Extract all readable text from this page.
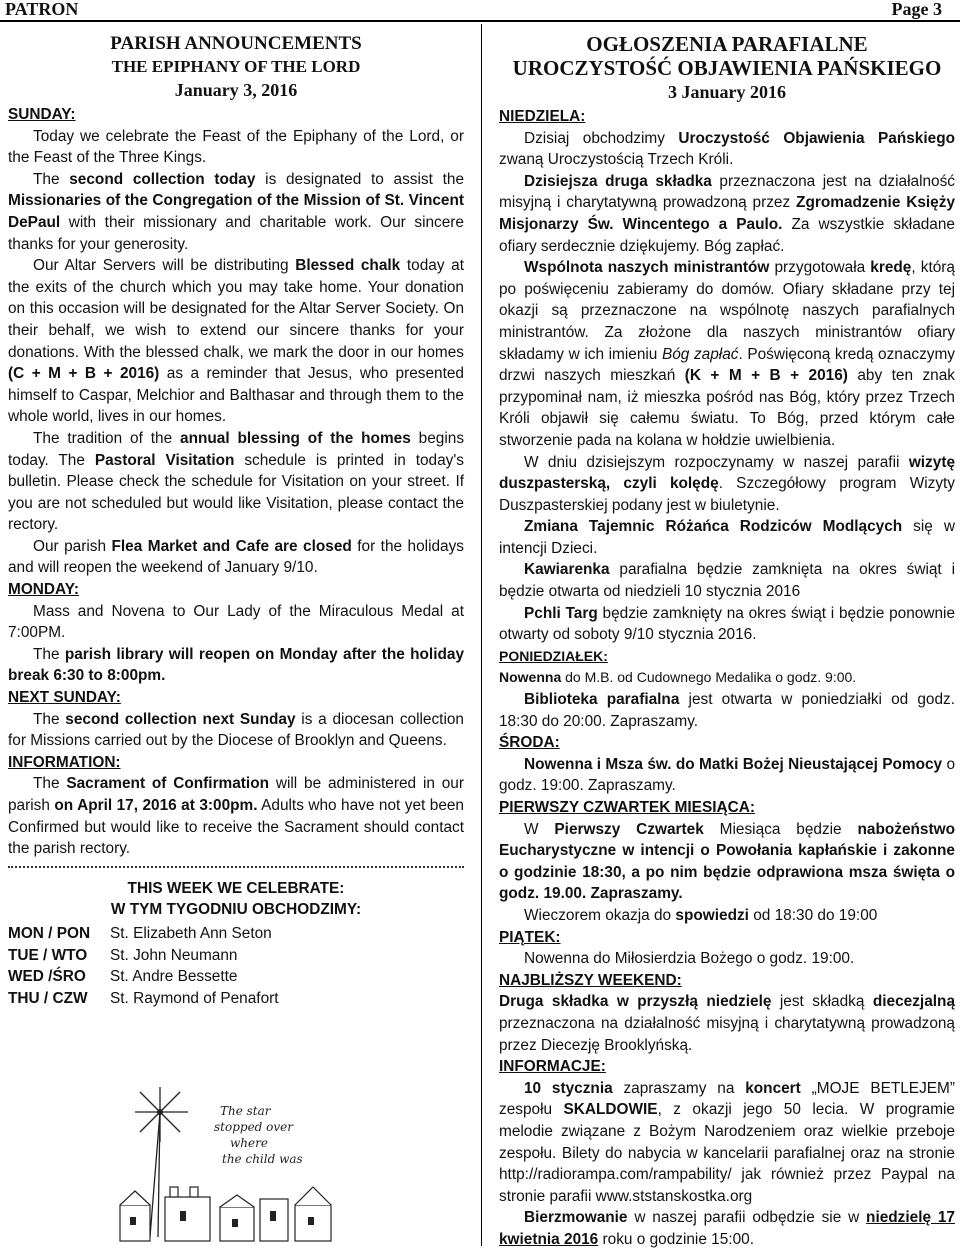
PATRON	Page 3
PARISH ANNOUNCEMENTS
THE EPIPHANY OF THE LORD
January 3, 2016
SUNDAY:

Today we celebrate the Feast of the Epiphany of the Lord, or the Feast of the Three Kings.

The second collection today is designated to assist the Missionaries of the Congregation of the Mission of St. Vincent DePaul with their missionary and charitable work. Our sincere thanks for your generosity.

Our Altar Servers will be distributing Blessed chalk today at the exits of the church which you may take home. Your donation on this occasion will be designated for the Altar Server Society. On their behalf, we wish to extend our sincere thanks for your donations. With the blessed chalk, we mark the door in our homes (C + M + B + 2016) as a reminder that Jesus, who presented himself to Caspar, Melchior and Balthasar and through them to the whole world, lives in our homes.

The tradition of the annual blessing of the homes begins today. The Pastoral Visitation schedule is printed in today's bulletin. Please check the schedule for Visitation on your street. If you are not scheduled but would like Visitation, please contact the rectory.

Our parish Flea Market and Cafe are closed for the holidays and will reopen the weekend of January 9/10.

MONDAY:

Mass and Novena to Our Lady of the Miraculous Medal at 7:00PM.

The parish library will reopen on Monday after the holiday break 6:30 to 8:00pm.

NEXT SUNDAY:

The second collection next Sunday is a diocesan collection for Missions carried out by the Diocese of Brooklyn and Queens.

INFORMATION:

The Sacrament of Confirmation will be administered in our parish on April 17, 2016 at 3:00pm. Adults who have not yet been Confirmed but would like to receive the Sacrament should contact the parish rectory.

THIS WEEK WE CELEBRATE:
W TYM TYGODNIU OBCHODZIMY:
MON / PON	St. Elizabeth Ann Seton
TUE / WTO	St. John Neumann
WED /ŚRO	St. Andre Bessette
THU / CZW	St. Raymond of Penafort
The star
stopped over
where
the child was
OGŁOSZENIA PARAFIALNE
UROCZYSTOŚĆ OBJAWIENIA PAŃSKIEGO
3 January 2016
NIEDZIELA:

Dzisiaj obchodzimy Uroczystość Objawienia Pańskiego zwaną Uroczystością Trzech Króli.

Dzisiejsza druga składka przeznaczona jest na działalność misyjną i charytatywną prowadzoną przez Zgromadzenie Księży Misjonarzy Św. Wincentego a Paulo. Za wszystkie składane ofiary serdecznie dziękujemy. Bóg zapłać.

Wspólnota naszych ministrantów przygotowała kredę, którą po poświęceniu zabieramy do domów. Ofiary składane przy tej okazji są przeznaczone na wspólnotę naszych parafialnych ministrantów. Za złożone dla naszych ministrantów ofiary składamy w ich imieniu Bóg zapłać. Poświęconą kredą oznaczymy drzwi naszych mieszkań (K + M + B + 2016) aby ten znak przypominał nam, iż mieszka pośród nas Bóg, który przez Trzech Króli objawił się całemu światu. To Bóg, przed którym całe stworzenie pada na kolana w hołdzie uwielbienia.

W dniu dzisiejszym rozpoczynamy w naszej parafii wizytę duszpasterską, czyli kolędę. Szczegółowy program Wizyty Duszpasterskiej podany jest w biuletynie.

Zmiana Tajemnic Różańca Rodziców Modlących się w intencji Dzieci.

Kawiarenka parafialna będzie zamknięta na okres świąt i będzie otwarta od niedzieli 10 stycznia 2016

Pchli Targ będzie zamknięty na okres świąt i będzie ponownie otwarty od soboty 9/10 stycznia 2016.

PONIEDZIAŁEK:

Nowenna do M.B. od Cudownego Medalika o godz. 9:00.

Biblioteka parafialna jest otwarta w poniedziałki od godz. 18:30 do 20:00. Zapraszamy.

ŚRODA:

Nowenna i Msza św. do Matki Bożej Nieustającej Pomocy o godz. 19:00. Zapraszamy.

PIERWSZY CZWARTEK MIESIĄCA:

W Pierwszy Czwartek Miesiąca będzie nabożeństwo Eucharystyczne w intencji o Powołania kapłańskie i zakonne o godzinie 18:30, a po nim będzie odprawiona msza święta o godz. 19.00. Zapraszamy.

Wieczorem okazja do spowiedzi od 18:30 do 19:00

PIĄTEK:

Nowenna do Miłosierdzia Bożego o godz. 19:00.

NAJBLIŻSZY WEEKEND:

Druga składka w przyszłą niedzielę jest składką diecezjalną przeznaczona na działalność misyjną i charytatywną prowadzoną przez Diecezję Brooklyńską.

INFORMACJE:

10 stycznia zapraszamy na koncert „MOJE BETLEJEM” zespołu SKALDOWIE, z okazji jego 50 lecia. W programie melodie związane z Bożym Narodzeniem oraz wielkie przeboje zespołu. Bilety do nabycia w kancelarii parafialnej oraz na stronie http://radiorampa.com/rampability/ jak również przez Paypal na stronie parafii www.ststanskostka.org

Bierzmowanie w naszej parafii odbędzie sie w niedzielę 17 kwietnia 2016 roku o godzinie 15:00.
